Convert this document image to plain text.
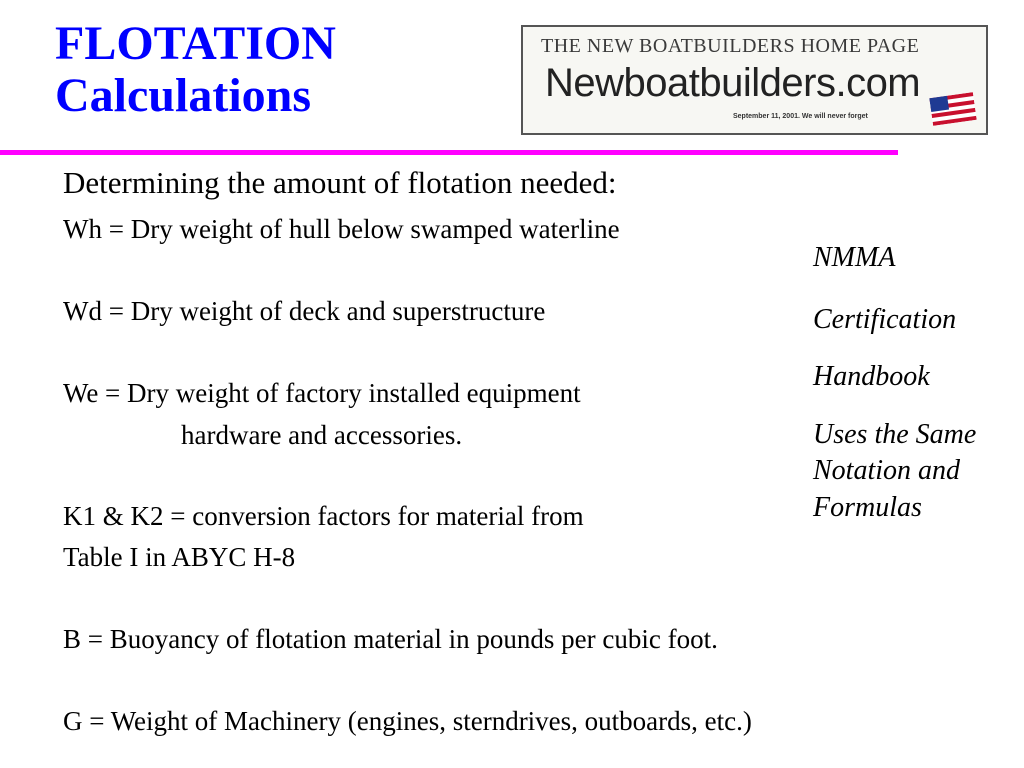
FLOTATION
Calculations
THE NEW BOATBUILDERS HOME PAGE
Newboatbuilders.com
September 11, 2001. We will never forget

Determining the amount of flotation needed:

Wh = Dry weight of hull below swamped waterline

Wd = Dry weight of deck and superstructure

We = Dry weight of factory installed equipment

hardware and accessories.

K1 & K2 = conversion factors for material from

Table I in ABYC H-8

B = Buoyancy of flotation material in pounds per cubic foot.

G = Weight of Machinery (engines, sterndrives, outboards, etc.)

NMMA

Certification

Handbook

Uses the Same

Notation and

Formulas
